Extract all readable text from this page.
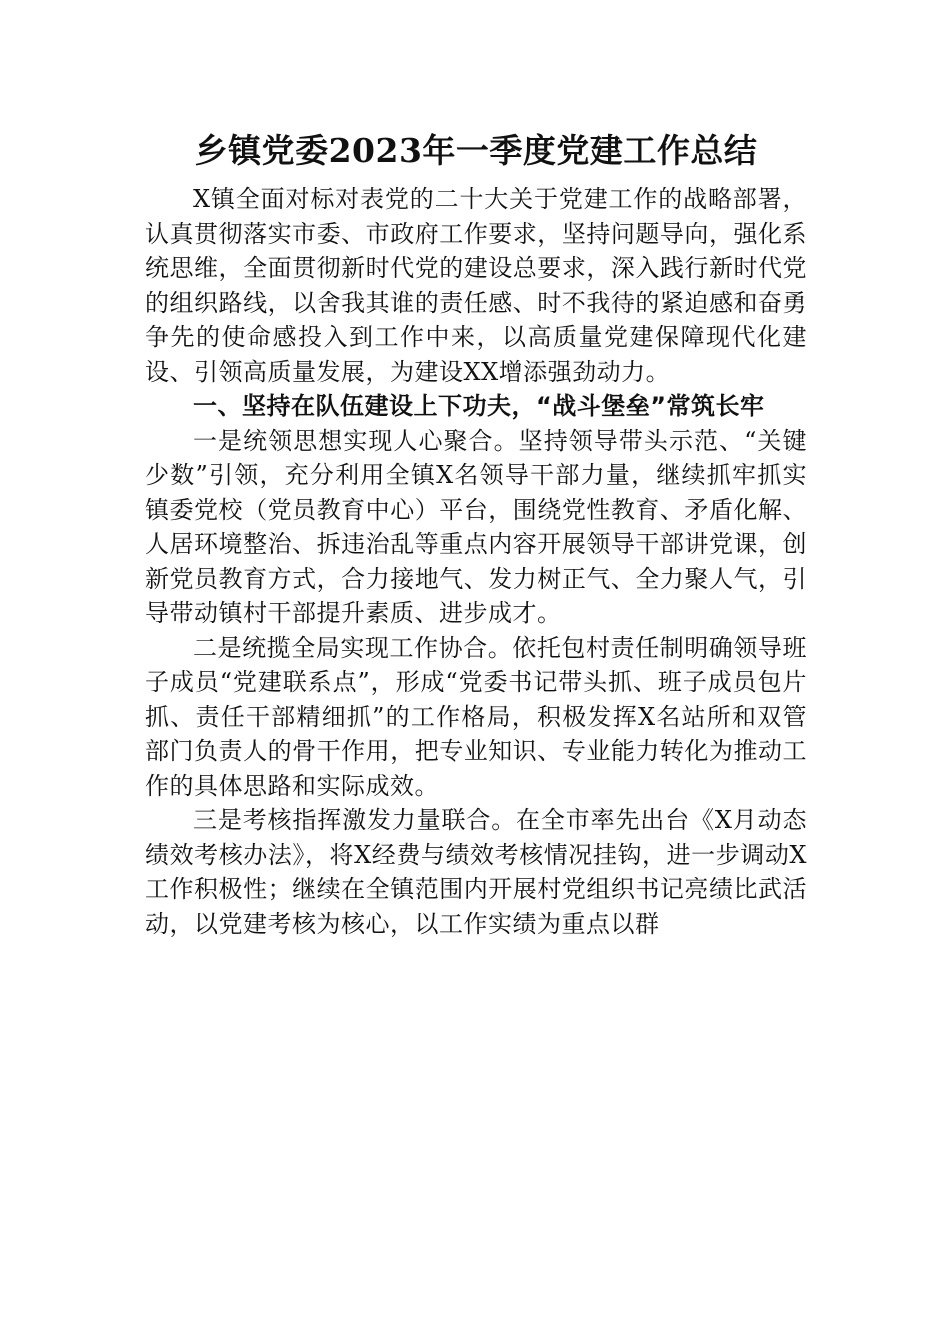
乡镇党委2023年一季度党建工作总结

X镇全面对标对表党的二十大关于党建工作的战略部署，认真贯彻落实市委、市政府工作要求，坚持问题导向，强化系统思维，全面贯彻新时代党的建设总要求，深入践行新时代党的组织路线，以舍我其谁的责任感、时不我待的紧迫感和奋勇争先的使命感投入到工作中来，以高质量党建保障现代化建设、引领高质量发展，为建设XX增添强劲动力。

一、坚持在队伍建设上下功夫，“战斗堡垒”常筑长牢

一是统领思想实现人心聚合。坚持领导带头示范、“关键少数”引领，充分利用全镇X名领导干部力量，继续抓牢抓实镇委党校（党员教育中心）平台，围绕党性教育、矛盾化解、人居环境整治、拆违治乱等重点内容开展领导干部讲党课，创新党员教育方式，合力接地气、发力树正气、全力聚人气，引导带动镇村干部提升素质、进步成才。

二是统揽全局实现工作协合。依托包村责任制明确领导班子成员“党建联系点”，形成“党委书记带头抓、班子成员包片抓、责任干部精细抓”的工作格局，积极发挥X名站所和双管部门负责人的骨干作用，把专业知识、专业能力转化为推动工作的具体思路和实际成效。

三是考核指挥激发力量联合。在全市率先出台《X月动态绩效考核办法》，将X经费与绩效考核情况挂钩，进一步调动X工作积极性；继续在全镇范围内开展村党组织书记亮绩比武活动，以党建考核为核心，以工作实绩为重点以群
